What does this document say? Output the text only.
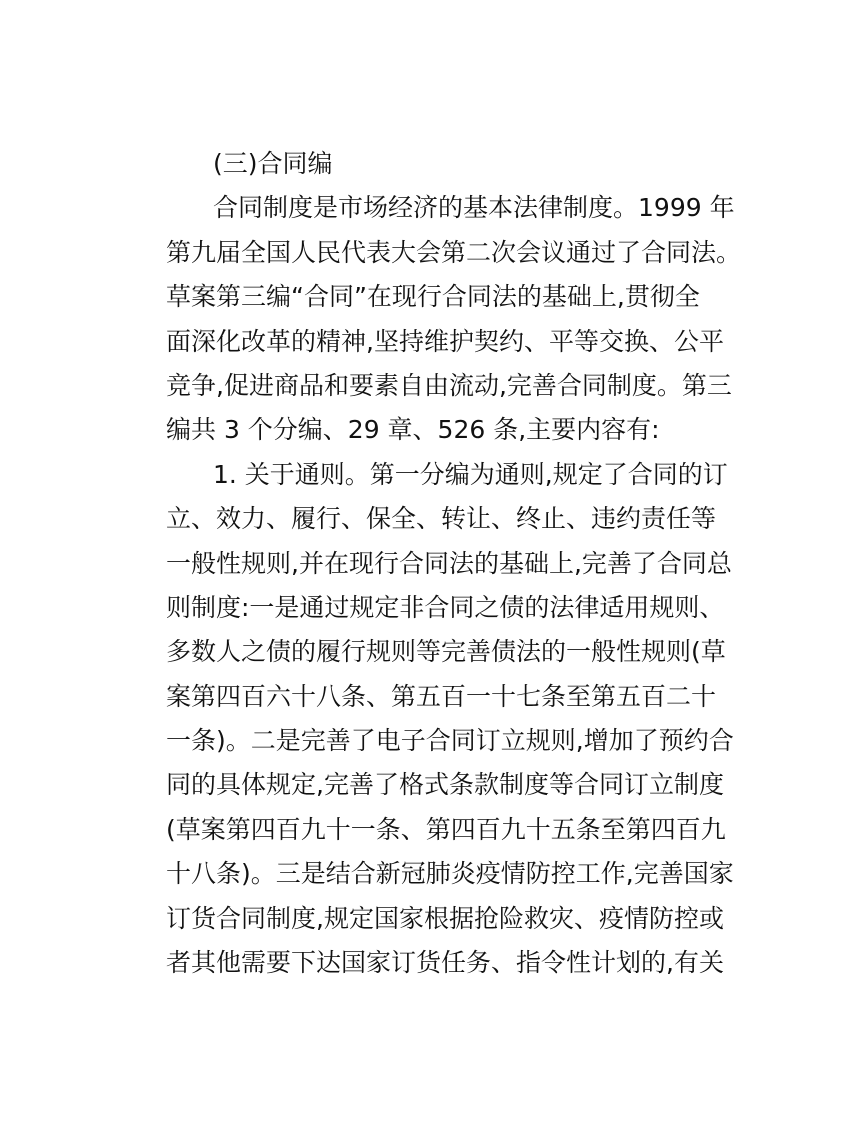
(三)合同编
合同制度是市场经济的基本法律制度。1999 年
第九届全国人民代表大会第二次会议通过了合同法。
草案第三编“合同”在现行合同法的基础上,贯彻全
面深化改革的精神,坚持维护契约、平等交换、公平
竞争,促进商品和要素自由流动,完善合同制度。第三
编共 3 个分编、29 章、526 条,主要内容有:
1. 关于通则。第一分编为通则,规定了合同的订
立、效力、履行、保全、转让、终止、违约责任等
一般性规则,并在现行合同法的基础上,完善了合同总
则制度:一是通过规定非合同之债的法律适用规则、
多数人之债的履行规则等完善债法的一般性规则(草
案第四百六十八条、第五百一十七条至第五百二十
一条)。二是完善了电子合同订立规则,增加了预约合
同的具体规定,完善了格式条款制度等合同订立制度
(草案第四百九十一条、第四百九十五条至第四百九
十八条)。三是结合新冠肺炎疫情防控工作,完善国家
订货合同制度,规定国家根据抢险救灾、疫情防控或
者其他需要下达国家订货任务、指令性计划的,有关
